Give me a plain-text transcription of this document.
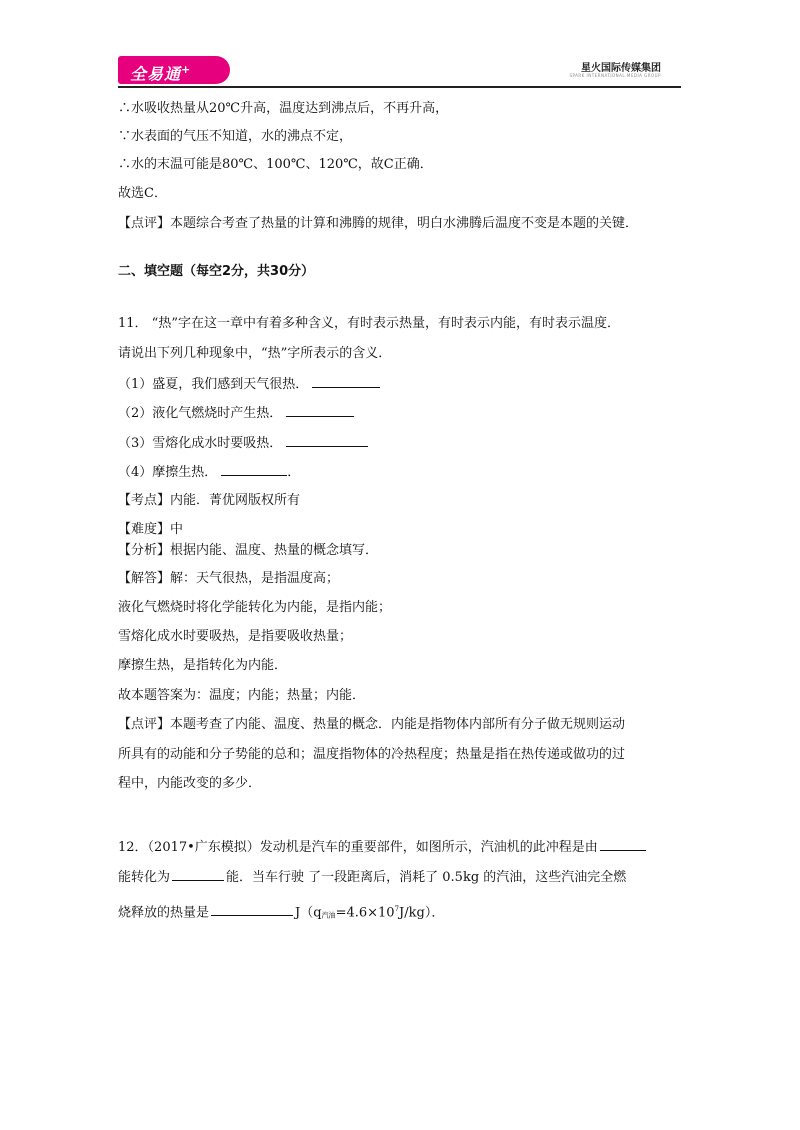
全易通+	星火国际传媒集团
SPARK INTERNATIONAL MEDIA GROUP
∴水吸收热量从20℃升高，温度达到沸点后，不再升高，
∵水表面的气压不知道，水的沸点不定，
∴水的末温可能是80℃、100℃、120℃，故C正确．
故选C．
【点评】本题综合考查了热量的计算和沸腾的规律，明白水沸腾后温度不变是本题的关键．
二、填空题（每空2分，共30分）
11． “热”字在这一章中有着多种含义，有时表示热量，有时表示内能，有时表示温度．
请说出下列几种现象中，“热”字所表示的含义．
（1）盛夏，我们感到天气很热．
（2）液化气燃烧时产生热．
（3）雪熔化成水时要吸热．
（4）摩擦生热．	．
【考点】内能．菁优网版权所有
【难度】中
【分析】根据内能、温度、热量的概念填写．
【解答】解：天气很热，是指温度高；
液化气燃烧时将化学能转化为内能，是指内能；
雪熔化成水时要吸热，是指要吸收热量；
摩擦生热，是指转化为内能．
故本题答案为：温度；内能；热量；内能．
【点评】本题考查了内能、温度、热量的概念．内能是指物体内部所有分子做无规则运动
所具有的动能和分子势能的总和；温度指物体的冷热程度；热量是指在热传递或做功的过
程中，内能改变的多少．
12．（2017•广东模拟）发动机是汽车的重要部件，如图所示，汽油机的此冲程是由
能转化为	能．当车行驶 了一段距离后，消耗了 0.5kg 的汽油，这些汽油完全燃
烧释放的热量是	$J(q_{汽油}=4.6\times 10^7J/kg)$．
